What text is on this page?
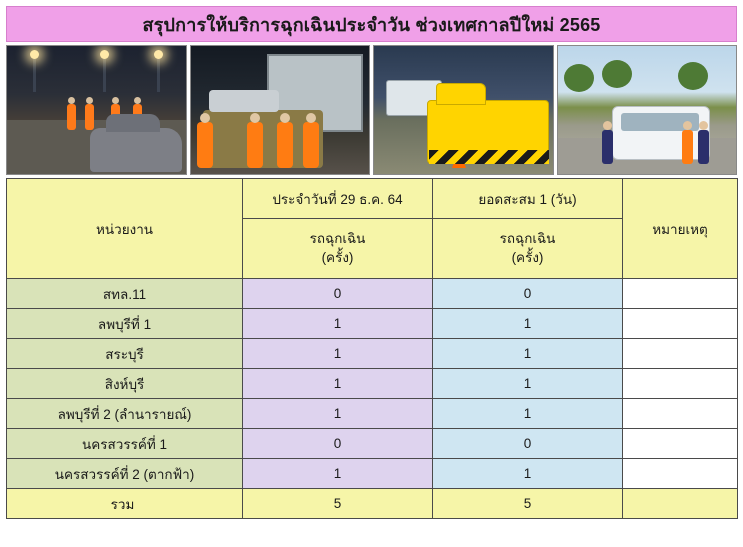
สรุปการให้บริการฉุกเฉินประจำวัน ช่วงเทศกาลปีใหม่ 2565
หน่วยงาน	ประจำวันที่ 29 ธ.ค. 64	ยอดสะสม 1 (วัน)	หมายเหตุ

รถฉุกเฉิน
(ครั้ง)

รถฉุกเฉิน
(ครั้ง)

สทล.11	0	0	
ลพบุรีที่ 1	1	1	
สระบุรี	1	1	
สิงห์บุรี	1	1	
ลพบุรีที่ 2 (ลำนารายณ์)	1	1	
นครสวรรค์ที่ 1	0	0	
นครสวรรค์ที่ 2 (ตากฟ้า)	1	1	
รวม	5	5	
